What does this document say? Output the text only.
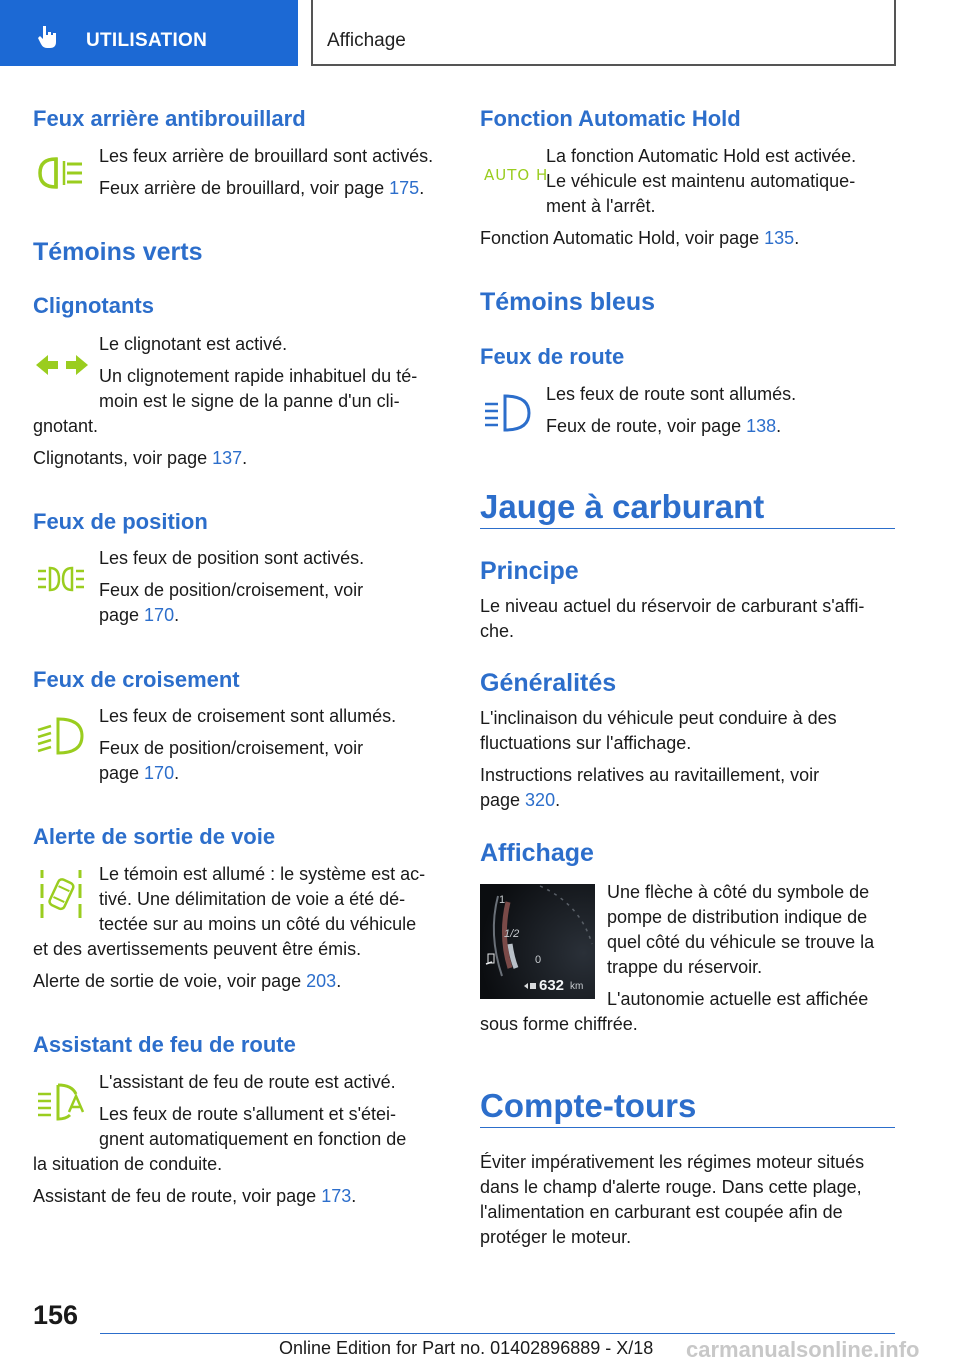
UTILISATION	Affichage
Feux arrière antibrouillard
Les feux arrière de brouillard sont activés.
Feux arrière de brouillard, voir page 175.
Témoins verts
Clignotants
Le clignotant est activé.
Un clignotement rapide inhabituel du té-
moin est le signe de la panne d'un cli-
gnotant.
Clignotants, voir page 137.
Feux de position
Les feux de position sont activés.
Feux de position/croisement, voir
page 170.
Feux de croisement
Les feux de croisement sont allumés.
Feux de position/croisement, voir
page 170.
Alerte de sortie de voie
Le témoin est allumé : le système est ac-
tivé. Une délimitation de voie a été dé-
tectée sur au moins un côté du véhicule
et des avertissements peuvent être émis.
Alerte de sortie de voie, voir page 203.
Assistant de feu de route
L'assistant de feu de route est activé.
Les feux de route s'allument et s'étei-
gnent automatiquement en fonction de
la situation de conduite.
Assistant de feu de route, voir page 173.
Fonction Automatic Hold
AUTO H
La fonction Automatic Hold est activée.
Le véhicule est maintenu automatique-
ment à l'arrêt.
Fonction Automatic Hold, voir page 135.
Témoins bleus
Feux de route
Les feux de route sont allumés.
Feux de route, voir page 138.
Jauge à carburant
Principe
Le niveau actuel du réservoir de carburant s'affi-
che.
Généralités
L'inclinaison du véhicule peut conduire à des
fluctuations sur l'affichage.
Instructions relatives au ravitaillement, voir
page 320.
Affichage
1
1/2
0
632 km
Une flèche à côté du symbole de
pompe de distribution indique de
quel côté du véhicule se trouve la
trappe du réservoir.
L'autonomie actuelle est affichée
sous forme chiffrée.
Compte-tours
Éviter impérativement les régimes moteur situés
dans le champ d'alerte rouge. Dans cette plage,
l'alimentation en carburant est coupée afin de
protéger le moteur.
156
Online Edition for Part no. 01402896889 - X/18 carmanualsonline.info
